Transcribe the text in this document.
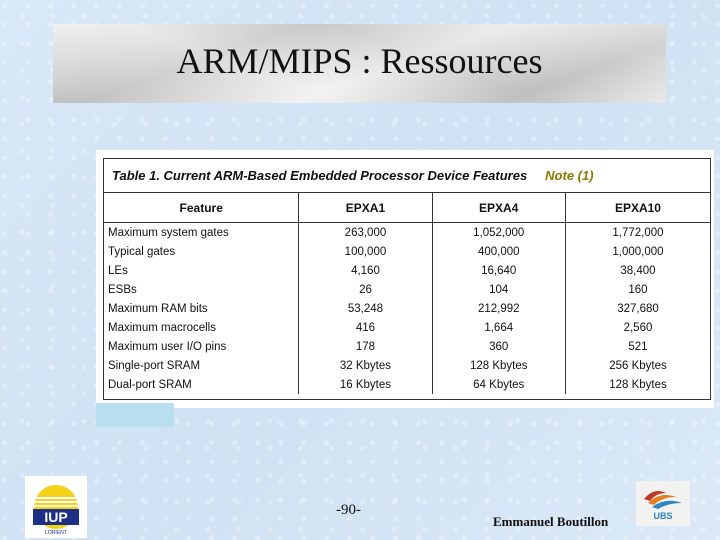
ARM/MIPS : Ressources
Table 1. Current ARM-Based Embedded Processor Device Features Note (1)
Feature	EPXA1	EPXA4	EPXA10
Maximum system gates	263,000	1,052,000	1,772,000
Typical gates	100,000	400,000	1,000,000
LEs	4,160	16,640	38,400
ESBs	26	104	160
Maximum RAM bits	53,248	212,992	327,680
Maximum macrocells	416	1,664	2,560
Maximum user I/O pins	178	360	521
Single-port SRAM	32 Kbytes	128 Kbytes	256 Kbytes
Dual-port SRAM	16 Kbytes	64 Kbytes	128 Kbytes
IUP
LORIENT
-90-
Emmanuel Boutillon	UBS
